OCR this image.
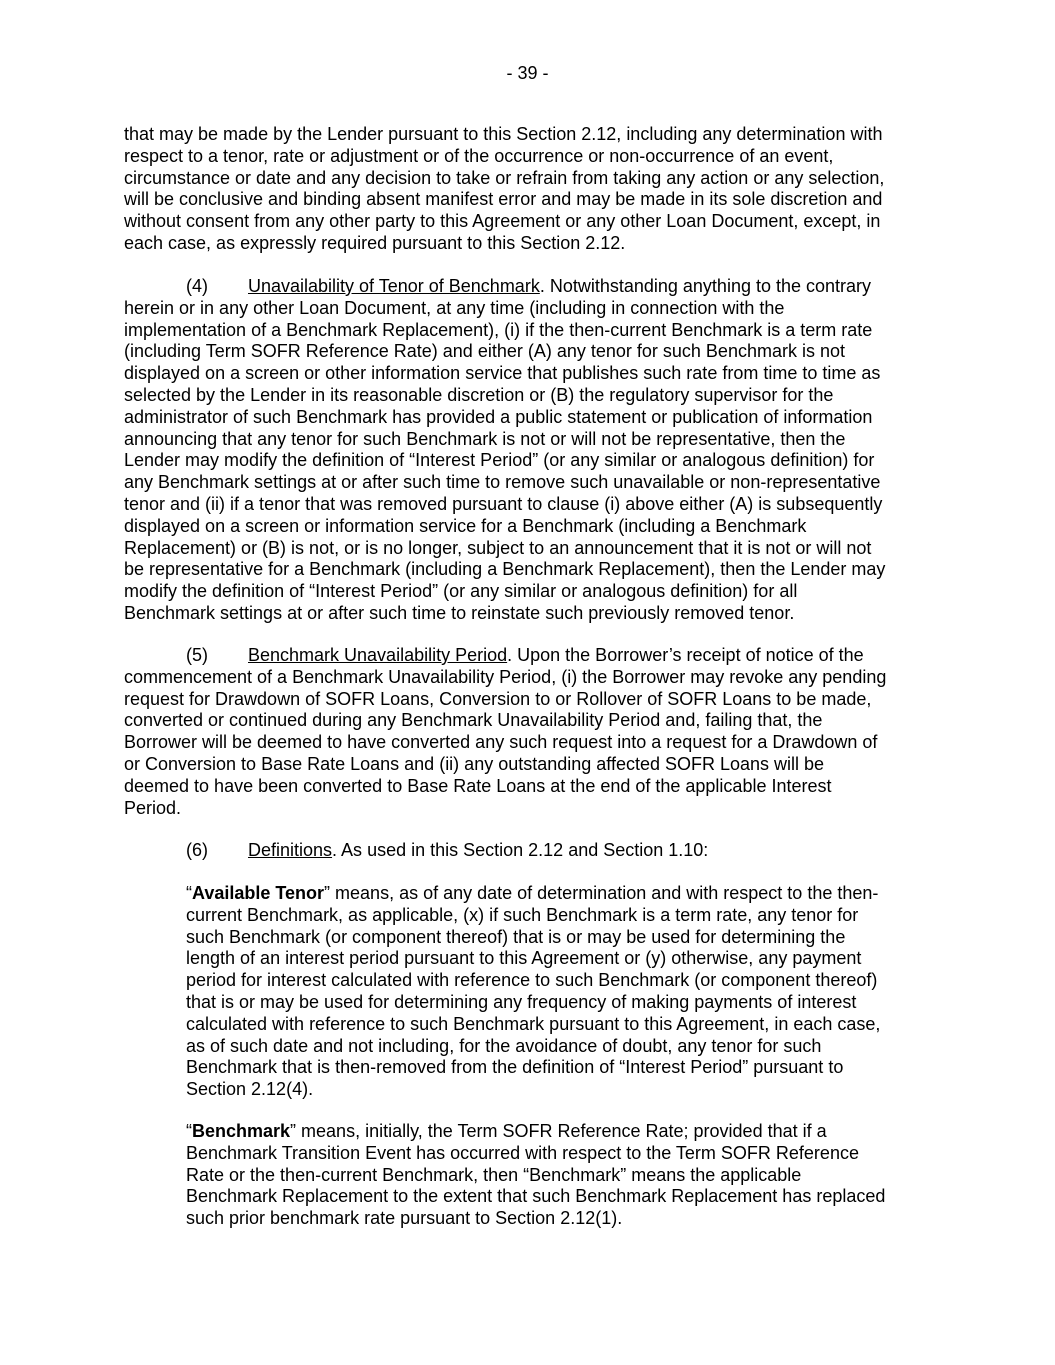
- 39 -
that may be made by the Lender pursuant to this Section 2.12, including any determination with
respect to a tenor, rate or adjustment or of the occurrence or non-occurrence of an event,
circumstance or date and any decision to take or refrain from taking any action or any selection,
will be conclusive and binding absent manifest error and may be made in its sole discretion and
without consent from any other party to this Agreement or any other Loan Document, except, in
each case, as expressly required pursuant to this Section 2.12.
(4) Unavailability of Tenor of Benchmark. Notwithstanding anything to the contrary
herein or in any other Loan Document, at any time (including in connection with the
implementation of a Benchmark Replacement), (i) if the then-current Benchmark is a term rate
(including Term SOFR Reference Rate) and either (A) any tenor for such Benchmark is not
displayed on a screen or other information service that publishes such rate from time to time as
selected by the Lender in its reasonable discretion or (B) the regulatory supervisor for the
administrator of such Benchmark has provided a public statement or publication of information
announcing that any tenor for such Benchmark is not or will not be representative, then the
Lender may modify the definition of “Interest Period” (or any similar or analogous definition) for
any Benchmark settings at or after such time to remove such unavailable or non-representative
tenor and (ii) if a tenor that was removed pursuant to clause (i) above either (A) is subsequently
displayed on a screen or information service for a Benchmark (including a Benchmark
Replacement) or (B) is not, or is no longer, subject to an announcement that it is not or will not
be representative for a Benchmark (including a Benchmark Replacement), then the Lender may
modify the definition of “Interest Period” (or any similar or analogous definition) for all
Benchmark settings at or after such time to reinstate such previously removed tenor.
(5) Benchmark Unavailability Period. Upon the Borrower’s receipt of notice of the
commencement of a Benchmark Unavailability Period, (i) the Borrower may revoke any pending
request for Drawdown of SOFR Loans, Conversion to or Rollover of SOFR Loans to be made,
converted or continued during any Benchmark Unavailability Period and, failing that, the
Borrower will be deemed to have converted any such request into a request for a Drawdown of
or Conversion to Base Rate Loans and (ii) any outstanding affected SOFR Loans will be
deemed to have been converted to Base Rate Loans at the end of the applicable Interest
Period.
(6) Definitions. As used in this Section 2.12 and Section 1.10:
“Available Tenor” means, as of any date of determination and with respect to the then-
current Benchmark, as applicable, (x) if such Benchmark is a term rate, any tenor for
such Benchmark (or component thereof) that is or may be used for determining the
length of an interest period pursuant to this Agreement or (y) otherwise, any payment
period for interest calculated with reference to such Benchmark (or component thereof)
that is or may be used for determining any frequency of making payments of interest
calculated with reference to such Benchmark pursuant to this Agreement, in each case,
as of such date and not including, for the avoidance of doubt, any tenor for such
Benchmark that is then-removed from the definition of “Interest Period” pursuant to
Section 2.12(4).
“Benchmark” means, initially, the Term SOFR Reference Rate; provided that if a
Benchmark Transition Event has occurred with respect to the Term SOFR Reference
Rate or the then-current Benchmark, then “Benchmark” means the applicable
Benchmark Replacement to the extent that such Benchmark Replacement has replaced
such prior benchmark rate pursuant to Section 2.12(1).
